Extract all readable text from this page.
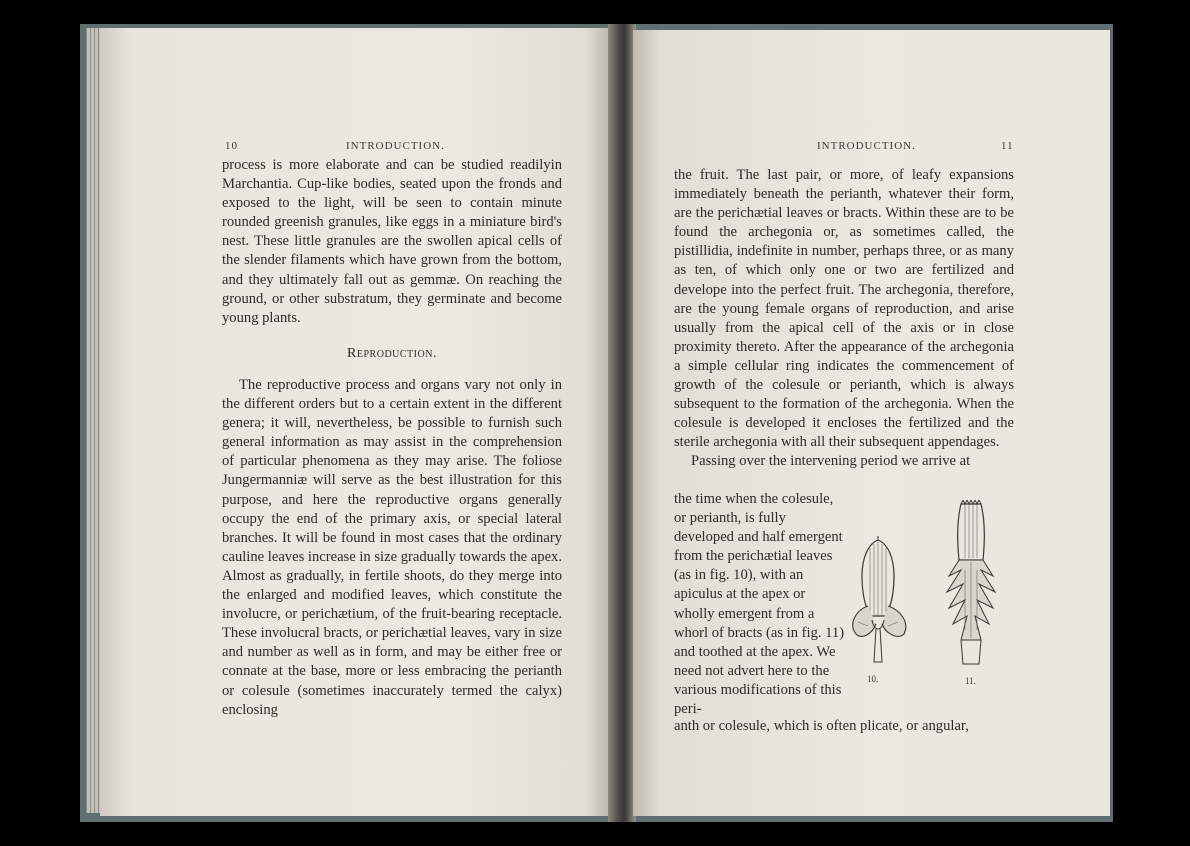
10	INTRODUCTION.

process is more elaborate and can be studied readilyin Marchantia. Cup-like bodies, seated upon the fronds and exposed to the light, will be seen to contain minute rounded greenish granules, like eggs in a miniature bird's nest. These little granules are the swollen apical cells of the slender filaments which have grown from the bottom, and they ultimately fall out as gemmæ. On reaching the ground, or other substratum, they germinate and become young plants.

Reproduction.

The reproductive process and organs vary not only in the different orders but to a certain extent in the different genera; it will, nevertheless, be possible to furnish such general information as may assist in the comprehension of particular phenomena as they may arise. The foliose Jungermanniæ will serve as the best illustration for this purpose, and here the reproductive organs generally occupy the end of the primary axis, or special lateral branches. It will be found in most cases that the ordinary cauline leaves increase in size gradually towards the apex. Almost as gradually, in fertile shoots, do they merge into the enlarged and modified leaves, which constitute the involucre, or perichætium, of the fruit-bearing receptacle. These involucral bracts, or perichætial leaves, vary in size and number as well as in form, and may be either free or connate at the base, more or less embracing the perianth or colesule (sometimes inaccurately termed the calyx) enclosing

INTRODUCTION.	11

the fruit. The last pair, or more, of leafy expansions immediately beneath the perianth, whatever their form, are the perichætial leaves or bracts. Within these are to be found the archegonia or, as sometimes called, the pistillidia, indefinite in number, perhaps three, or as many as ten, of which only one or two are fertilized and develope into the perfect fruit. The archegonia, therefore, are the young female organs of reproduction, and arise usually from the apical cell of the axis or in close proximity thereto. After the appearance of the archegonia a simple cellular ring indicates the commencement of growth of the colesule or perianth, which is always subsequent to the formation of the archegonia. When the colesule is developed it encloses the fertilized and the sterile archegonia with all their subsequent appendages.

Passing over the intervening period we arrive at

the time when the colesule, or perianth, is fully developed and half emergent from the perichætial leaves (as in fig. 10), with an apiculus at the apex or wholly emergent from a whorl of bracts (as in fig. 11) and toothed at the apex. We need not advert here to the various modifications of this peri-

anth or colesule, which is often plicate, or angular,

10.	11.
